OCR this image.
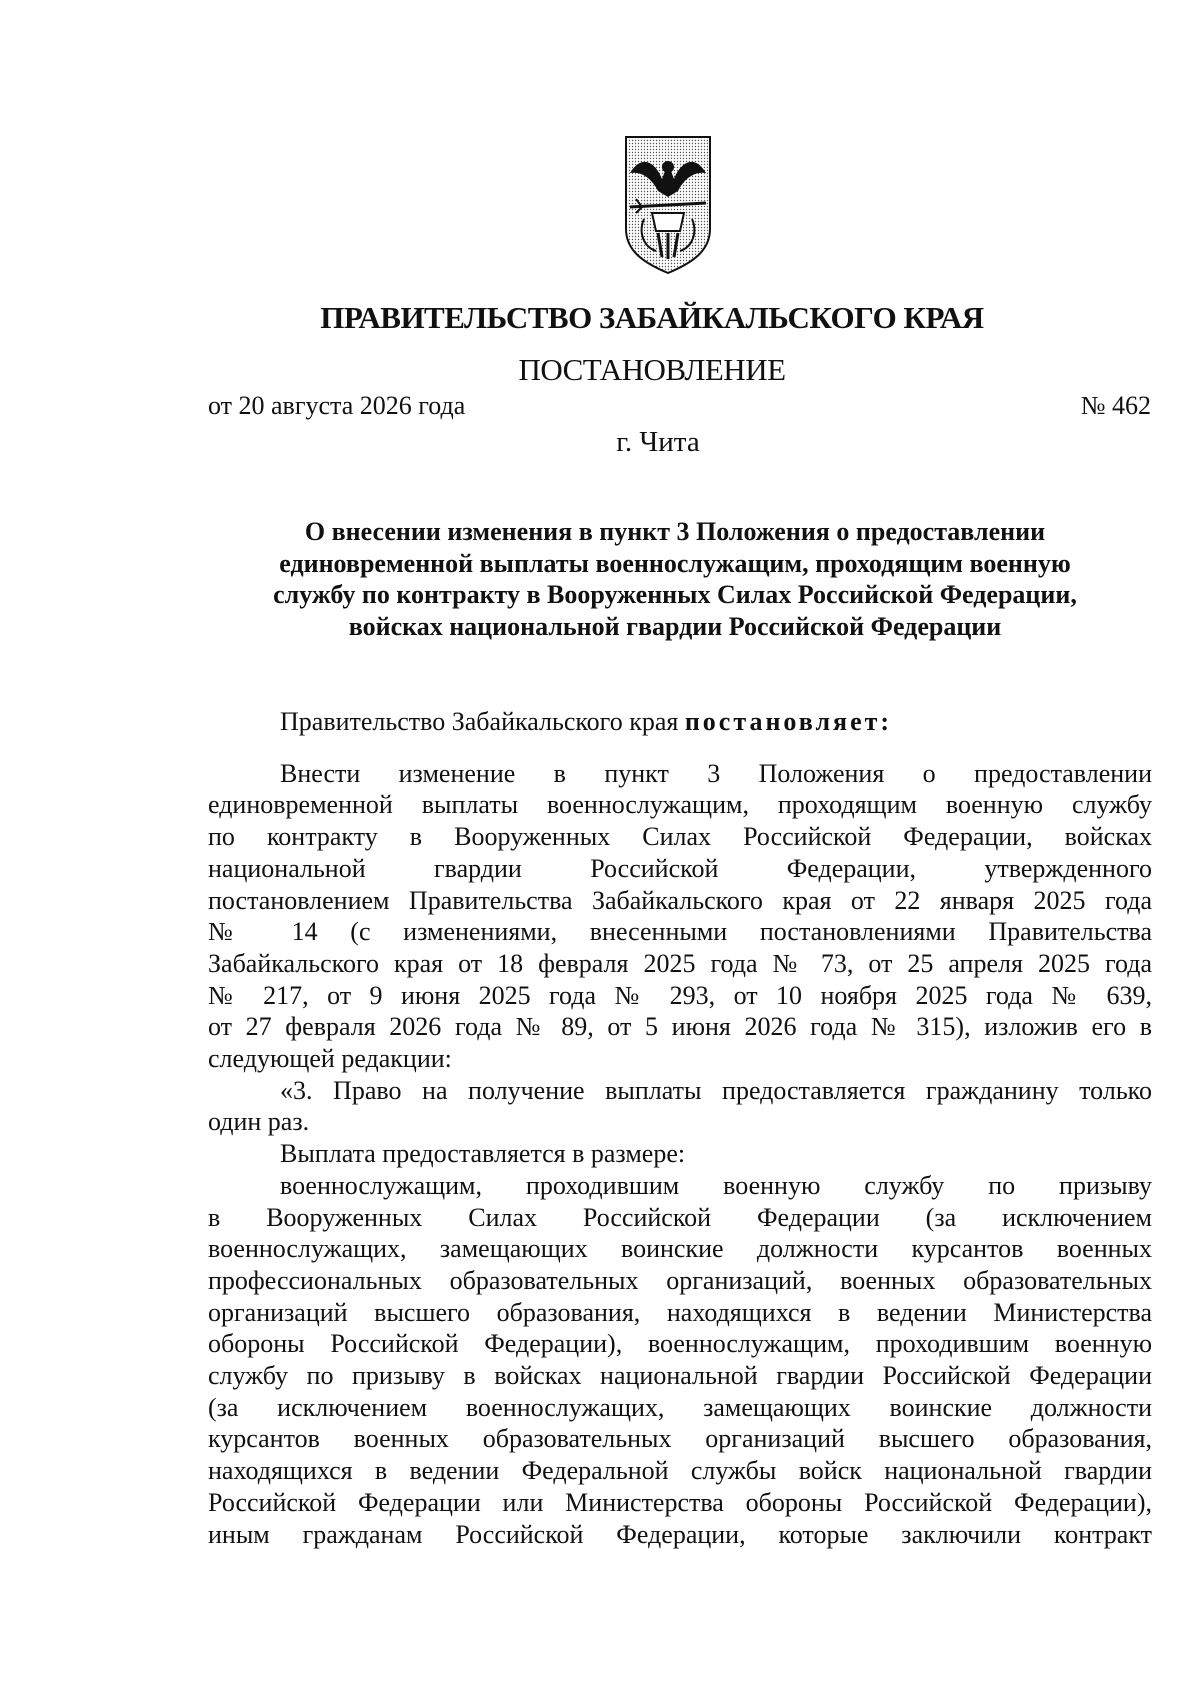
ПРАВИТЕЛЬСТВО ЗАБАЙКАЛЬСКОГО КРАЯ
ПОСТАНОВЛЕНИЕ
от 20 августа 2026 года	№ 462
г. Чита
О внесении изменения в пункт 3 Положения о предоставлении
единовременной выплаты военнослужащим, проходящим военную
службу по контракту в Вооруженных Силах Российской Федерации,
войсках национальной гвардии Российской Федерации
Правительство Забайкальского края постановляет:
Внести изменение в пункт 3 Положения о предоставлении
единовременной выплаты военнослужащим, проходящим военную службу
по контракту в Вооруженных Силах Российской Федерации, войсках
национальной гвардии Российской Федерации, утвержденного
постановлением Правительства Забайкальского края от 22 января 2025 года
№ 14 (с изменениями, внесенными постановлениями Правительства
Забайкальского края от 18 февраля 2025 года № 73, от 25 апреля 2025 года
№ 217, от 9 июня 2025 года № 293, от 10 ноября 2025 года № 639,
от 27 февраля 2026 года № 89, от 5 июня 2026 года № 315), изложив его в
следующей редакции:
«3. Право на получение выплаты предоставляется гражданину только
один раз.
Выплата предоставляется в размере:
военнослужащим, проходившим военную службу по призыву
в Вооруженных Силах Российской Федерации (за исключением
военнослужащих, замещающих воинские должности курсантов военных
профессиональных образовательных организаций, военных образовательных
организаций высшего образования, находящихся в ведении Министерства
обороны Российской Федерации), военнослужащим, проходившим военную
службу по призыву в войсках национальной гвардии Российской Федерации
(за исключением военнослужащих, замещающих воинские должности
курсантов военных образовательных организаций высшего образования,
находящихся в ведении Федеральной службы войск национальной гвардии
Российской Федерации или Министерства обороны Российской Федерации),
иным гражданам Российской Федерации, которые заключили контракт
